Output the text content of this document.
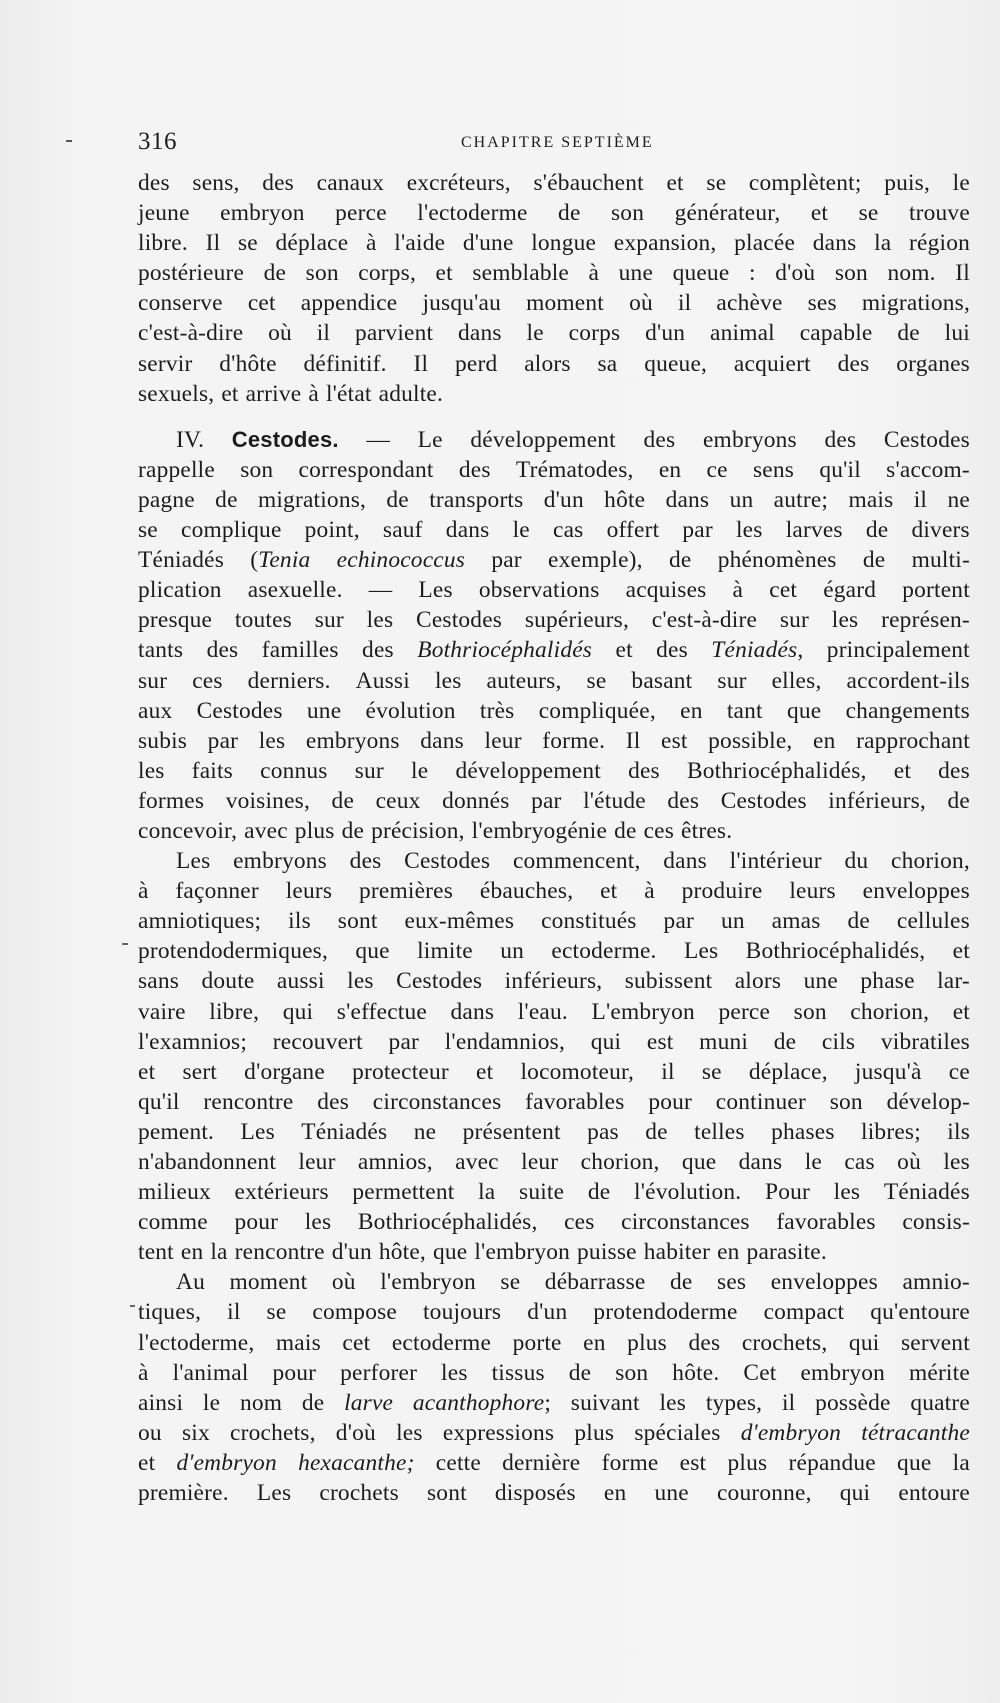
316	CHAPITRE SEPTIÈME
des sens, des canaux excréteurs, s'ébauchent et se complètent; puis, le
jeune embryon perce l'ectoderme de son générateur, et se trouve
libre. Il se déplace à l'aide d'une longue expansion, placée dans la région
postérieure de son corps, et semblable à une queue : d'où son nom. Il
conserve cet appendice jusqu'au moment où il achève ses migrations,
c'est-à-dire où il parvient dans le corps d'un animal capable de lui
servir d'hôte définitif. Il perd alors sa queue, acquiert des organes
sexuels, et arrive à l'état adulte.
IV. Cestodes. — Le développement des embryons des Cestodes
rappelle son correspondant des Trématodes, en ce sens qu'il s'accom-
pagne de migrations, de transports d'un hôte dans un autre; mais il ne
se complique point, sauf dans le cas offert par les larves de divers
Téniadés (Tenia echinococcus par exemple), de phénomènes de multi-
plication asexuelle. — Les observations acquises à cet égard portent
presque toutes sur les Cestodes supérieurs, c'est-à-dire sur les représen-
tants des familles des Bothriocéphalidés et des Téniadés, principalement
sur ces derniers. Aussi les auteurs, se basant sur elles, accordent-ils
aux Cestodes une évolution très compliquée, en tant que changements
subis par les embryons dans leur forme. Il est possible, en rapprochant
les faits connus sur le développement des Bothriocéphalidés, et des
formes voisines, de ceux donnés par l'étude des Cestodes inférieurs, de
concevoir, avec plus de précision, l'embryogénie de ces êtres.
Les embryons des Cestodes commencent, dans l'intérieur du chorion,
à façonner leurs premières ébauches, et à produire leurs enveloppes
amniotiques; ils sont eux-mêmes constitués par un amas de cellules
protendodermiques, que limite un ectoderme. Les Bothriocéphalidés, et
sans doute aussi les Cestodes inférieurs, subissent alors une phase lar-
vaire libre, qui s'effectue dans l'eau. L'embryon perce son chorion, et
l'examnios; recouvert par l'endamnios, qui est muni de cils vibratiles
et sert d'organe protecteur et locomoteur, il se déplace, jusqu'à ce
qu'il rencontre des circonstances favorables pour continuer son dévelop-
pement. Les Téniadés ne présentent pas de telles phases libres; ils
n'abandonnent leur amnios, avec leur chorion, que dans le cas où les
milieux extérieurs permettent la suite de l'évolution. Pour les Téniadés
comme pour les Bothriocéphalidés, ces circonstances favorables consis-
tent en la rencontre d'un hôte, que l'embryon puisse habiter en parasite.
Au moment où l'embryon se débarrasse de ses enveloppes amnio-
tiques, il se compose toujours d'un protendoderme compact qu'entoure
l'ectoderme, mais cet ectoderme porte en plus des crochets, qui servent
à l'animal pour perforer les tissus de son hôte. Cet embryon mérite
ainsi le nom de larve acanthophore; suivant les types, il possède quatre
ou six crochets, d'où les expressions plus spéciales d'embryon tétracanthe
et d'embryon hexacanthe; cette dernière forme est plus répandue que la
première. Les crochets sont disposés en une couronne, qui entoure
